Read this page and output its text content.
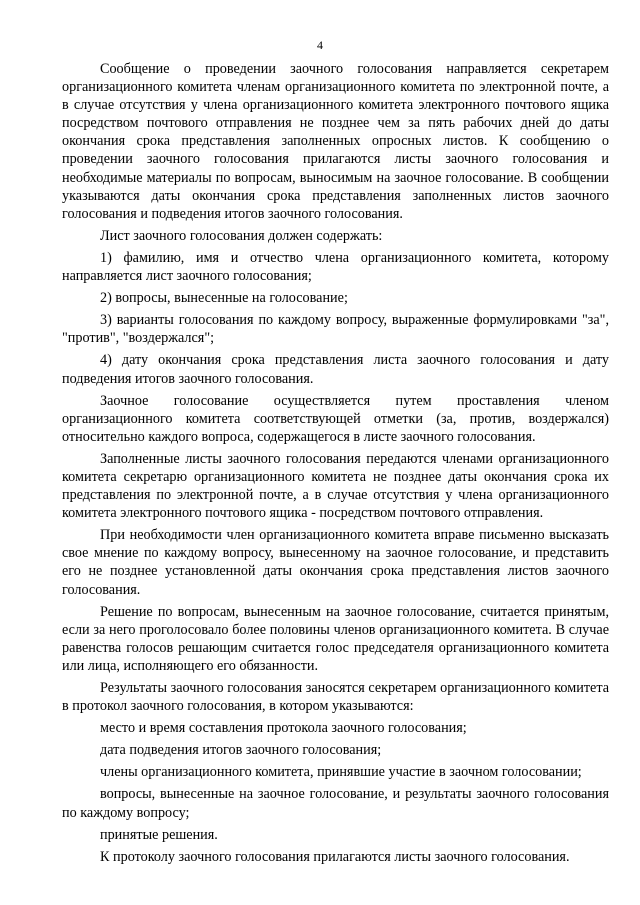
4

Сообщение о проведении заочного голосования направляется секретарем организационного комитета членам организационного комитета по электронной почте, а в случае отсутствия у члена организационного комитета электронного почтового ящика посредством почтового отправления не позднее чем за пять рабочих дней до даты окончания срока представления заполненных опросных листов. К сообщению о проведении заочного голосования прилагаются листы заочного голосования и необходимые материалы по вопросам, выносимым на заочное голосование. В сообщении указываются даты окончания срока представления заполненных листов заочного голосования и подведения итогов заочного голосования.

Лист заочного голосования должен содержать:

1) фамилию, имя и отчество члена организационного комитета, которому направляется лист заочного голосования;

2) вопросы, вынесенные на голосование;

3) варианты голосования по каждому вопросу, выраженные формулировками "за", "против", "воздержался";

4) дату окончания срока представления листа заочного голосования и дату подведения итогов заочного голосования.

Заочное голосование осуществляется путем проставления членом организационного комитета соответствующей отметки (за, против, воздержался) относительно каждого вопроса, содержащегося в листе заочного голосования.

Заполненные листы заочного голосования передаются членами организационного комитета секретарю организационного комитета не позднее даты окончания срока их представления по электронной почте, а в случае отсутствия у члена организационного комитета электронного почтового ящика - посредством почтового отправления.

При необходимости член организационного комитета вправе письменно высказать свое мнение по каждому вопросу, вынесенному на заочное голосование, и представить его не позднее установленной даты окончания срока представления листов заочного голосования.

Решение по вопросам, вынесенным на заочное голосование, считается принятым, если за него проголосовало более половины членов организационного комитета. В случае равенства голосов решающим считается голос председателя организационного комитета или лица, исполняющего его обязанности.

Результаты заочного голосования заносятся секретарем организационного комитета в протокол заочного голосования, в котором указываются:

место и время составления протокола заочного голосования;

дата подведения итогов заочного голосования;

члены организационного комитета, принявшие участие в заочном голосовании;

вопросы, вынесенные на заочное голосование, и результаты заочного голосования по каждому вопросу;

принятые решения.

К протоколу заочного голосования прилагаются листы заочного голосования.
